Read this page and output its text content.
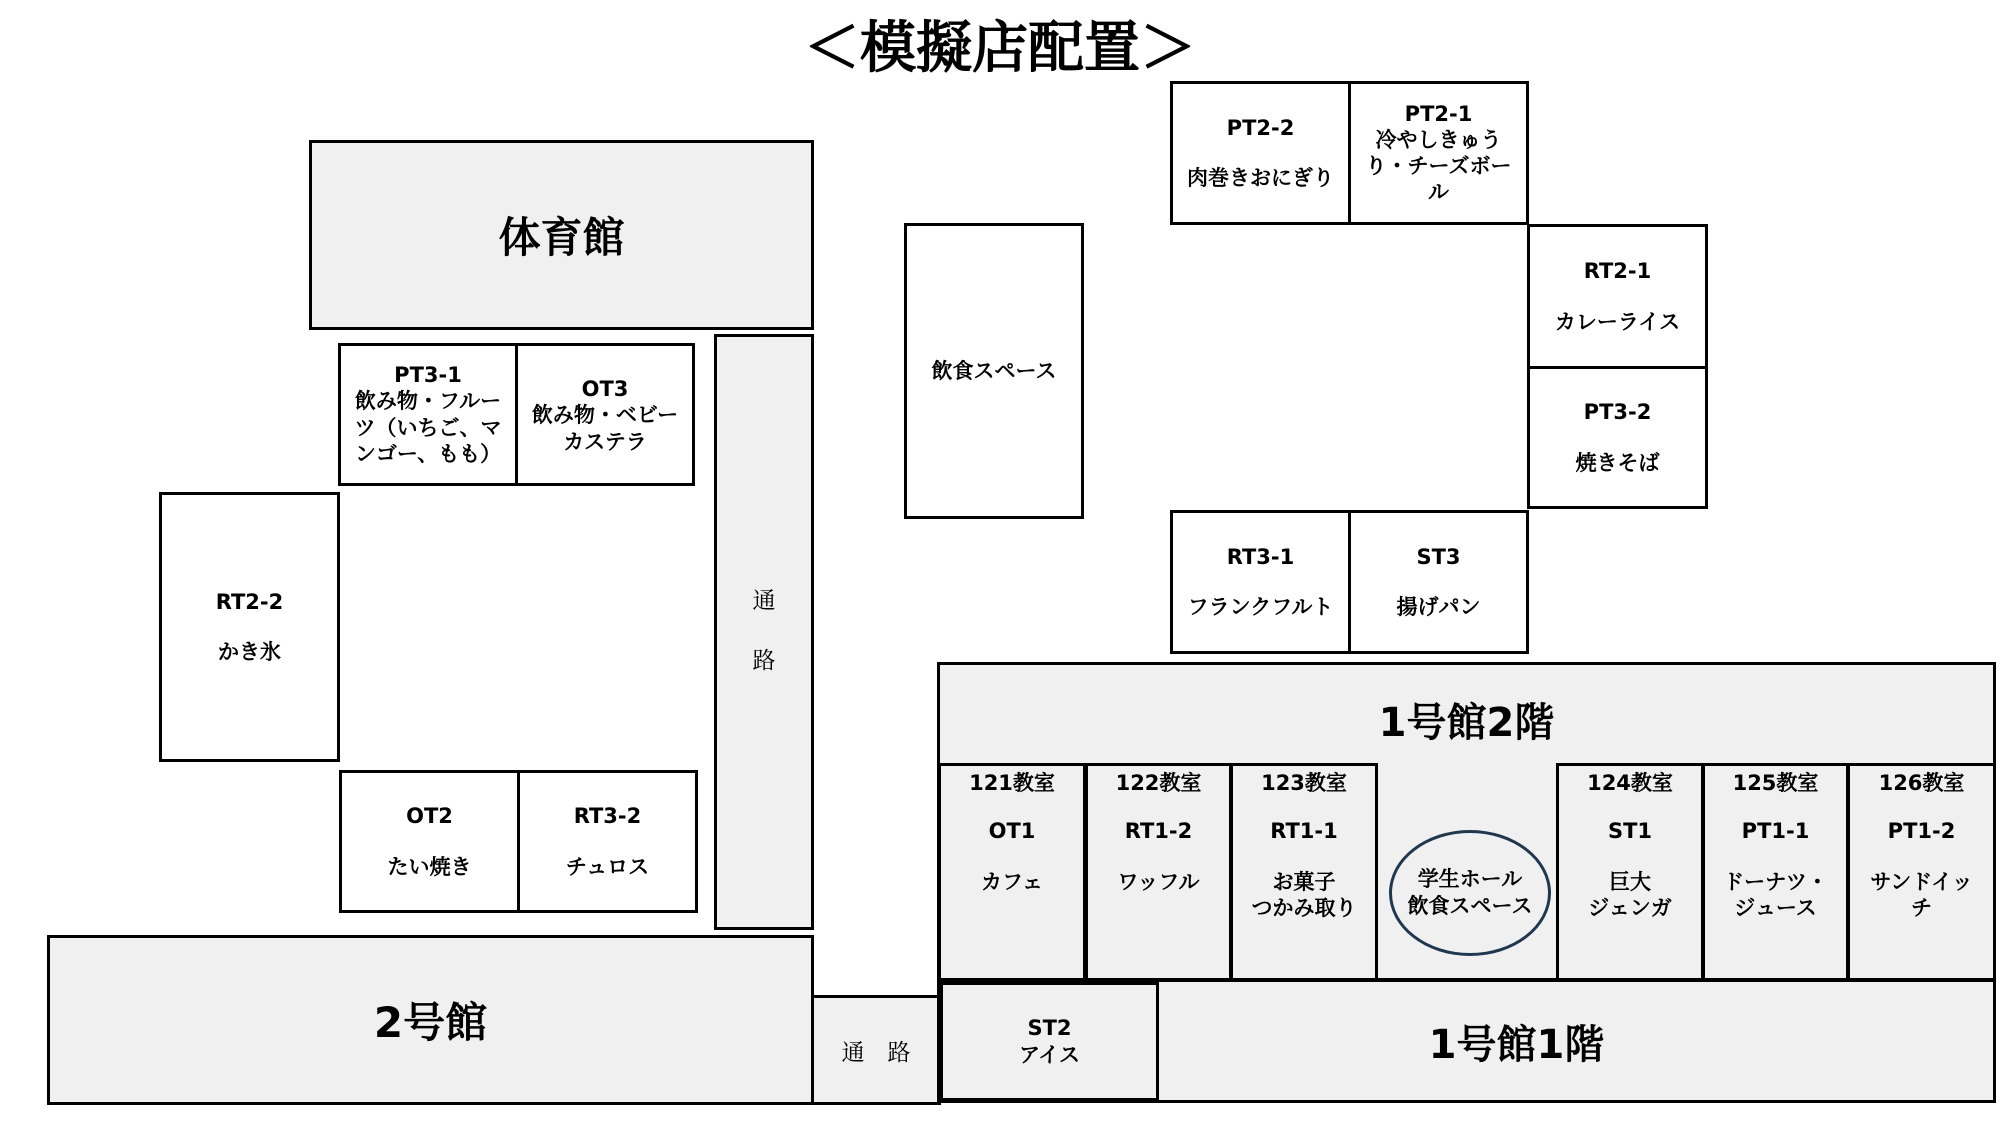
＜模擬店配置＞
体育館
2号館
通
路
通　路
PT3-1
飲み物・フルー
ツ（いちご、マ
ンゴー、もも）
OT3
飲み物・ベビー
カステラ
RT2-2
かき氷
OT2
たい焼き
RT3-2
チュロス
飲食スペース
PT2-2
肉巻きおにぎり
PT2-1
冷やしきゅう
り・チーズボー
ル
RT2-1
カレーライス
PT3-2
焼きそば
RT3-1
フランクフルト
ST3
揚げパン
1号館2階
121教室
OT1
カフェ
122教室
RT1-2
ワッフル
123教室
RT1-1
お菓子
つかみ取り
124教室
ST1
巨大
ジェンガ
125教室
PT1-1
ドーナツ・
ジュース
126教室
PT1-2
サンドイッ
チ
学生ホール
飲食スペース
1号館1階
ST2
アイス
